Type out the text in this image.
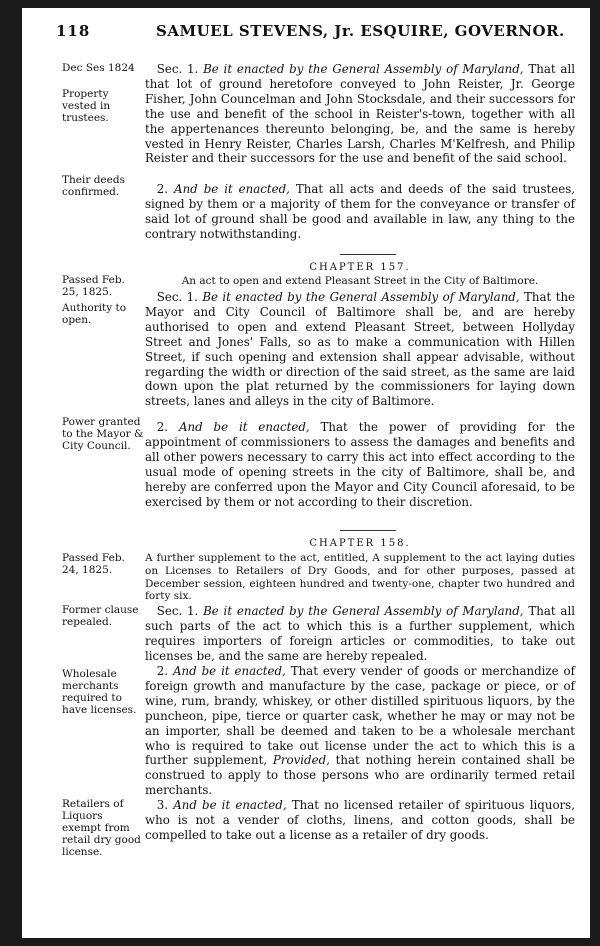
118	SAMUEL STEVENS, Jr. ESQUIRE, GOVERNOR.
Dec Ses 1824
Property vested in trustees.
Their deeds confirmed.
 Sec. 1. Be it enacted by the General Assembly of Maryland, That all that lot of ground heretofore conveyed to John Reister, Jr. George Fisher, John Councelman and John Stocksdale, and their successors for the use and benefit of the school in Reister's-town, together with all the appertenances thereunto belonging, be, and the same is hereby vested in Henry Reister, Charles Larsh, Charles M'Kelfresh, and Philip Reister and their successors for the use and benefit of the said school.
 2. And be it enacted, That all acts and deeds of the said trustees, signed by them or a majority of them for the conveyance or transfer of said lot of ground shall be good and available in law, any thing to the contrary notwithstanding.
CHAPTER 157.
An act to open and extend Pleasant Street in the City of Baltimore.
Passed Feb. 25, 1825.
Authority to open.
Power granted to the Mayor & City Council.
 Sec. 1. Be it enacted by the General Assembly of Maryland, That the Mayor and City Council of Baltimore shall be, and are hereby authorised to open and extend Pleasant Street, between Hollyday Street and Jones' Falls, so as to make a communication with Hillen Street, if such opening and extension shall appear advisable, without regarding the width or direction of the said street, as the same are laid down upon the plat returned by the commissioners for laying down streets, lanes and alleys in the city of Baltimore.
 2. And be it enacted, That the power of providing for the appointment of commissioners to assess the damages and benefits and all other powers necessary to carry this act into effect according to the usual mode of opening streets in the city of Baltimore, shall be, and hereby are conferred upon the Mayor and City Council aforesaid, to be exercised by them or not according to their discretion.
CHAPTER 158.
A further supplement to the act, entitled, A supplement to the act laying duties on Licenses to Retailers of Dry Goods, and for other purposes, passed at December session, eighteen hundred and twenty-one, chapter two hundred and forty six.
Passed Feb. 24, 1825.
Former clause repealed.
Wholesale merchants required to have licenses.
Retailers of Liquors exempt from retail dry good license.
 Sec. 1. Be it enacted by the General Assembly of Maryland, That all such parts of the act to which this is a further supplement, which requires importers of foreign articles or commodities, to take out licenses be, and the same are hereby repealed.
 2. And be it enacted, That every vender of goods or merchandize of foreign growth and manufacture by the case, package or piece, or of wine, rum, brandy, whiskey, or other distilled spirituous liquors, by the puncheon, pipe, tierce or quarter cask, whether he may or may not be an importer, shall be deemed and taken to be a wholesale merchant who is required to take out license under the act to which this is a further supplement, Provided, that nothing herein contained shall be construed to apply to those persons who are ordinarily termed retail merchants.
 3. And be it enacted, That no licensed retailer of spirituous liquors, who is not a vender of cloths, linens, and cotton goods, shall be compelled to take out a license as a retailer of dry goods.
